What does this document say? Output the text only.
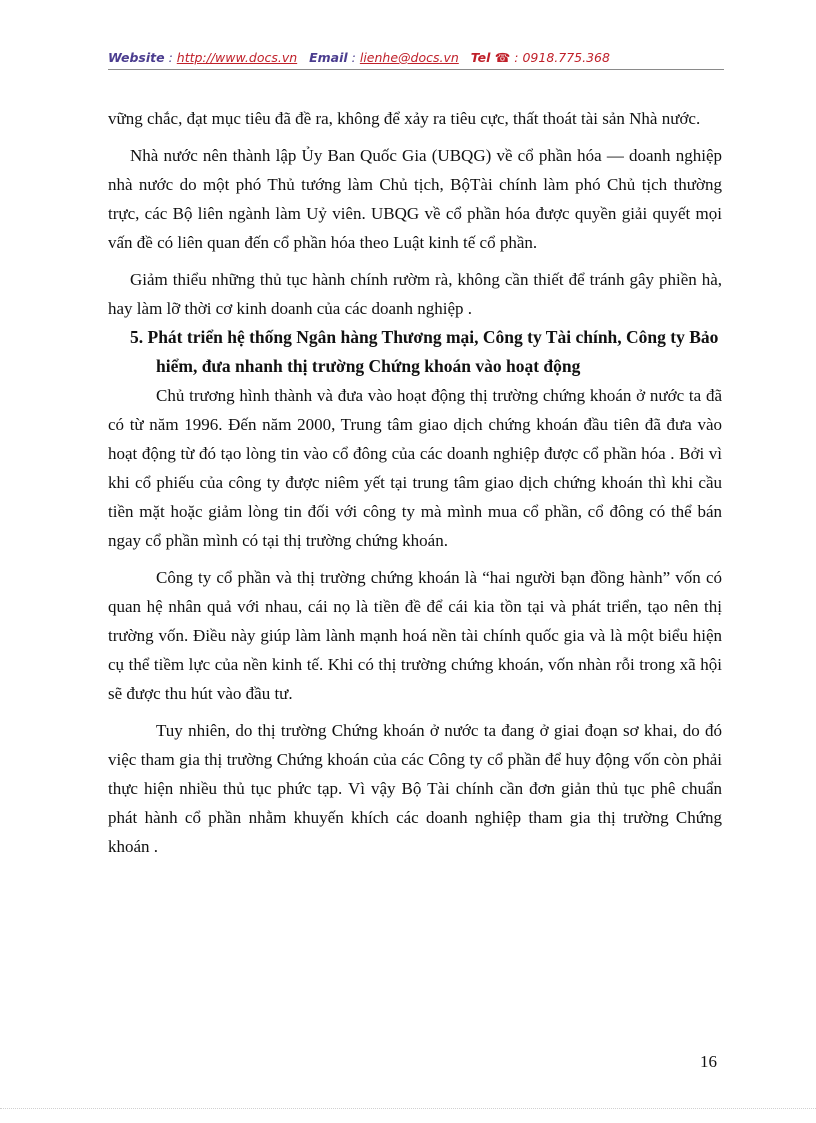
Website : http://www.docs.vn Email : lienhe@docs.vn Tel ☎ : 0918.775.368

vững chắc, đạt mục tiêu đã đề ra, không để xảy ra tiêu cực, thất thoát tài sản Nhà nước.

Nhà nước nên thành lập Ủy Ban Quốc Gia (UBQG) về cổ phần hóa — doanh nghiệp nhà nước do một phó Thủ tướng làm Chủ tịch, BộTài chính làm phó Chủ tịch thường trực, các Bộ liên ngành làm Uỷ viên. UBQG về cổ phần hóa được quyền giải quyết mọi vấn đề có liên quan đến cổ phần hóa theo Luật kinh tế cổ phần.

Giảm thiểu những thủ tục hành chính rườm rà, không cần thiết để tránh gây phiền hà, hay làm lỡ thời cơ kinh doanh của các doanh nghiệp .

5. Phát triển hệ thống Ngân hàng Thương mại, Công ty Tài chính, Công ty Bảo hiểm, đưa nhanh thị trường Chứng khoán vào hoạt động

Chủ trương hình thành và đưa vào hoạt động thị trường chứng khoán ở nước ta đã có từ năm 1996. Đến năm 2000, Trung tâm giao dịch chứng khoán đầu tiên đã đưa vào hoạt động từ đó tạo lòng tin vào cổ đông của các doanh nghiệp được cổ phần hóa . Bởi vì khi cổ phiếu của công ty được niêm yết tại trung tâm giao dịch chứng khoán thì khi cầu tiền mặt hoặc giảm lòng tin đối với công ty mà mình mua cổ phần, cổ đông có thể bán ngay cổ phần mình có tại thị trường chứng khoán.

Công ty cổ phần và thị trường chứng khoán là “hai người bạn đồng hành” vốn có quan hệ nhân quả với nhau, cái nọ là tiền đề để cái kia tồn tại và phát triển, tạo nên thị trường vốn. Điều này giúp làm lành mạnh hoá nền tài chính quốc gia và là một biểu hiện cụ thể tiềm lực của nền kinh tế. Khi có thị trường chứng khoán, vốn nhàn rỗi trong xã hội sẽ được thu hút vào đầu tư.

Tuy nhiên, do thị trường Chứng khoán ở nước ta đang ở giai đoạn sơ khai, do đó việc tham gia thị trường Chứng khoán của các Công ty cổ phần để huy động vốn còn phải thực hiện nhiều thủ tục phức tạp. Vì vậy Bộ Tài chính cần đơn giản thủ tục phê chuẩn phát hành cổ phần nhằm khuyến khích các doanh nghiệp tham gia thị trường Chứng khoán .

16
